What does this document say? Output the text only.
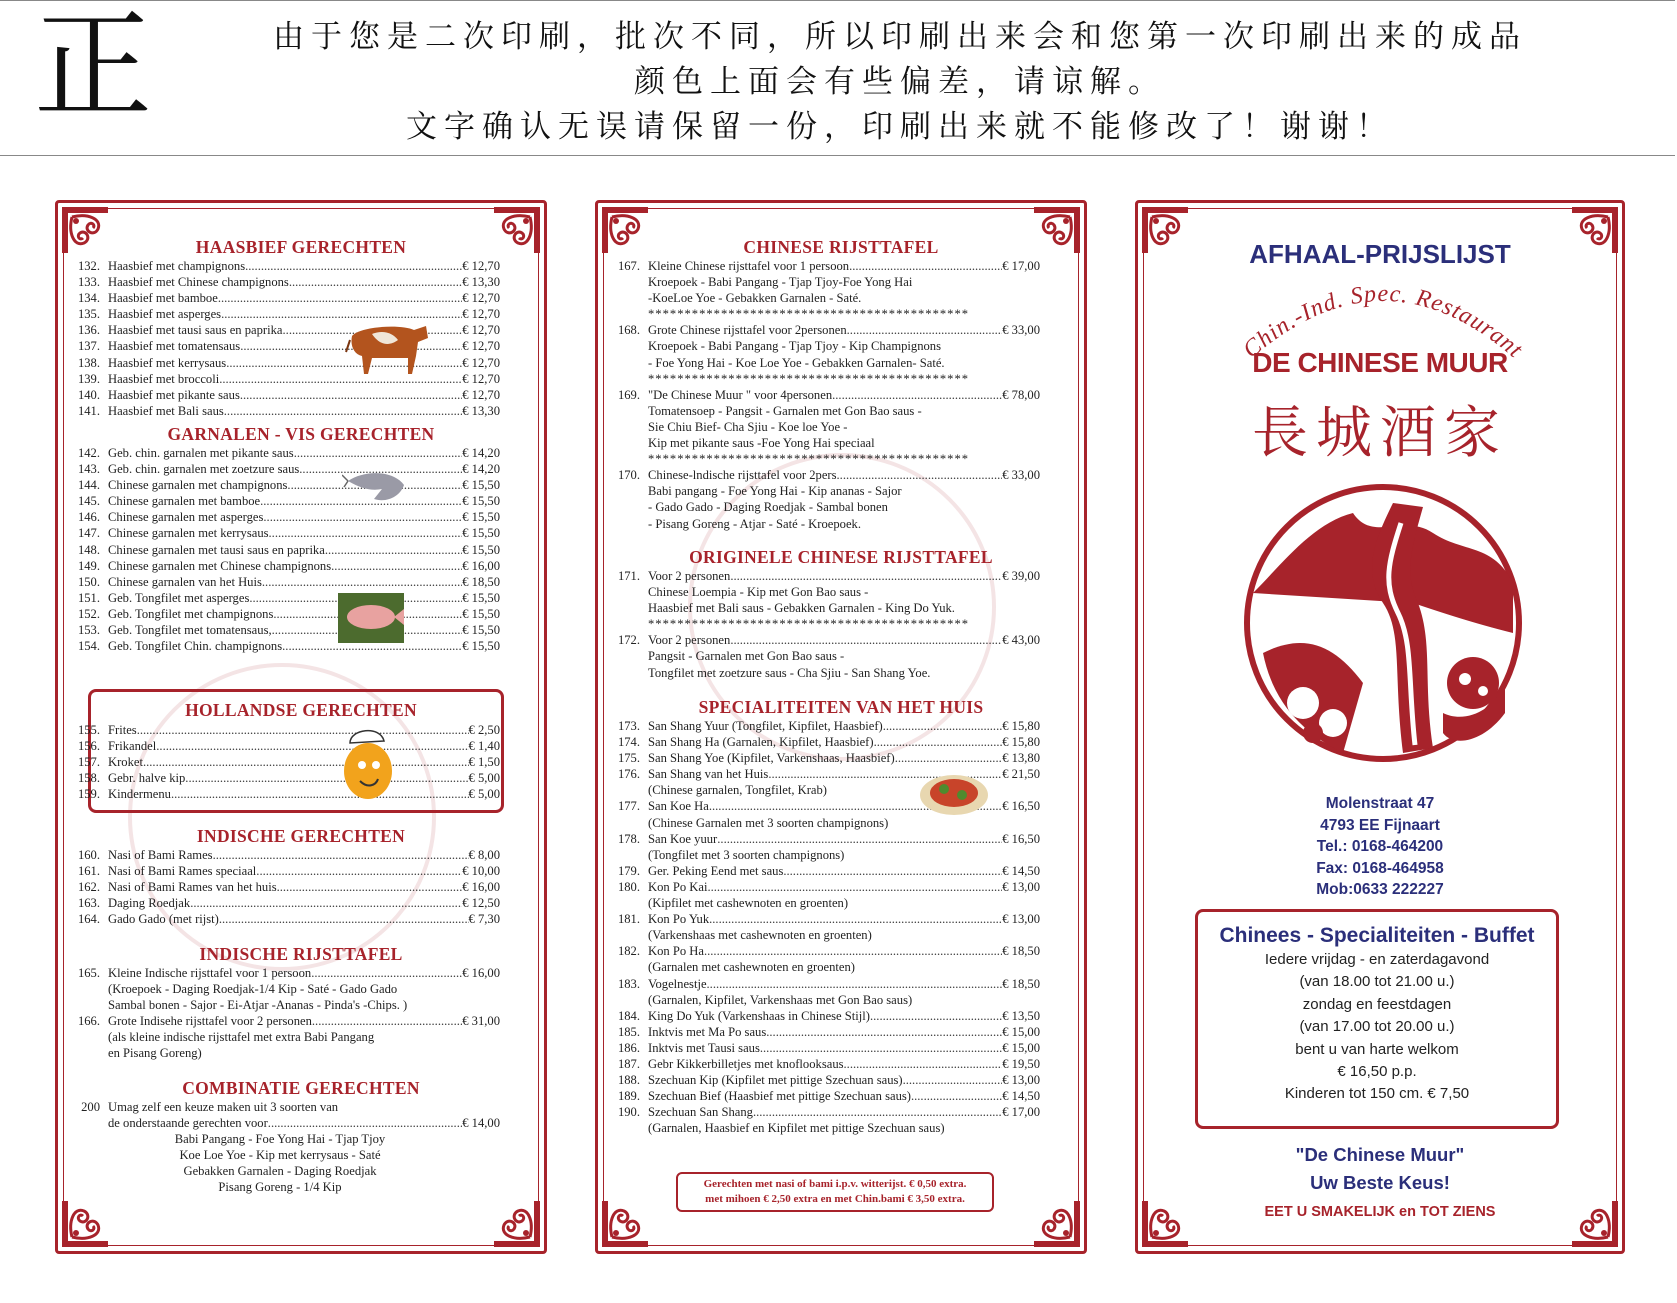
正	由于您是二次印刷，批次不同，所以印刷出来会和您第一次印刷出来的成品
颜色上面会有些偏差，请谅解。
文字确认无误请保留一份，印刷出来就不能修改了！谢谢！
HAASBIEF GERECHTEN
132. Haasbief met champignons .....	€ 12,70
133. Haasbief met Chinese champignons .....	€ 13,30
134. Haasbief met bamboe .....	€ 12,70
135. Haasbief met asperges .....	€ 12,70
136. Haasbief met tausi saus en paprika .....	€ 12,70
137. Haasbief met tomatensaus .....	€ 12,70
138. Haasbief met kerrysaus .....	€ 12,70
139. Haasbief met broccoli .....	€ 12,70
140. Haasbief met pikante saus .....	€ 12,70
141. Haasbief met Bali saus .....	€ 13,30
GARNALEN - VIS GERECHTEN
142. Geb. chin. garnalen met pikante saus .....	€ 14,20
143. Geb. chin. garnalen met zoetzure saus .....	€ 14,20
144. Chinese garnalen met champignons .....	€ 15,50
145. Chinese garnalen met bamboe .....	€ 15,50
146. Chinese garnalen met asperges .....	€ 15,50
147. Chinese garnalen met kerrysaus .....	€ 15,50
148. Chinese garnalen met tausi saus en paprika .....	€ 15,50
149. Chinese garnalen met Chinese champignons .....	€ 16,00
150. Chinese garnalen van het Huis .....	€ 18,50
151. Geb. Tongfilet met asperges .....	€ 15,50
152. Geb. Tongfilet met champignons .....	€ 15,50
153. Geb. Tongfilet met tomatensaus, .....	€ 15,50
154. Geb. Tongfilet Chin. champignons .....	€ 15,50
HOLLANDSE GERECHTEN
155. Frites .....	€ 2,50
156. Frikandel .....	€ 1,40
157. Kroket .....	€ 1,50
158. Gebr. halve kip .....	€ 5,00
159. Kindermenu .....	€ 5,00
INDISCHE GERECHTEN
160. Nasi of Bami Rames .....	€ 8,00
161. Nasi of Bami Rames speciaal .....	€ 10,00
162. Nasi of Bami Rames van het huis .....	€ 16,00
163. Daging Roedjak .....	€ 12,50
164. Gado Gado (met rijst) .....	€ 7,30
INDISCHE RIJSTTAFEL
165. Kleine Indische rijsttafel voor 1 persoon .....	€ 16,00
(Kroepoek - Daging Roedjak-1/4 Kip - Saté - Gado Gado
Sambal bonen - Sajor - Ei-Atjar -Ananas - Pinda's -Chips. )
166. Grote Indisehe rijsttafel voor 2 personen .....	€ 31,00
(als kleine indische rijsttafel met extra Babi Pangang
en Pisang Goreng)
COMBINATIE GERECHTEN
200 Umag zelf een keuze maken uit 3 soorten van
de onderstaande gerechten voor .....	€ 14,00
Babi Pangang - Foe Yong Hai - Tjap Tjoy
Koe Loe Yoe - Kip met kerrysaus - Saté
Gebakken Garnalen - Daging Roedjak
Pisang Goreng - 1/4 Kip
CHINESE RIJSTTAFEL
167. Kleine Chinese rijsttafel voor 1 persoon .....	€ 17,00
Kroepoek - Babi Pangang - Tjap Tjoy-Foe Yong Hai
-KoeLoe Yoe - Gebakken Garnalen - Saté.
********************************************
168. Grote Chinese rijsttafel voor 2personen .....	€ 33,00
Kroepoek - Babi Pangang - Tjap Tjoy - Kip Champignons
- Foe Yong Hai - Koe Loe Yoe - Gebakken Garnalen- Saté.
********************************************
169. "De Chinese Muur " voor 4personen .....	€ 78,00
Tomatensoep - Pangsit - Garnalen met Gon Bao saus -
Sie Chiu Bief- Cha Sjiu - Koe loe Yoe -
Kip met pikante saus -Foe Yong Hai speciaal
********************************************
170. Chinese-lndische rijsttafel voor 2pers .....	€ 33,00
Babi pangang - Foe Yong Hai - Kip ananas - Sajor
- Gado Gado - Daging Roedjak - Sambal bonen
- Pisang Goreng - Atjar - Saté - Kroepoek.
ORIGINELE CHINESE RIJSTTAFEL
171. Voor 2 personen .....	€ 39,00
Chinese Loempia - Kip met Gon Bao saus -
Haasbief met Bali saus - Gebakken Garnalen - King Do Yuk.
********************************************
172. Voor 2 personen .....	€ 43,00
Pangsit - Garnalen met Gon Bao saus -
Tongfilet met zoetzure saus - Cha Sjiu - San Shang Yoe.
SPECIALITEITEN VAN HET HUIS
173. San Shang Yuur (Tongfilet, Kipfilet, Haasbief) .....	€ 15,80
174. San Shang Ha (Garnalen, Kipfilet, Haasbief) .....	€ 15,80
175. San Shang Yoe (Kipfilet, Varkenshaas, Haasbief) .....	€ 13,80
176. San Shang van het Huis .....	€ 21,50
(Chinese garnalen, Tongfilet, Krab)
177. San Koe Ha .....	€ 16,50
(Chinese Garnalen met 3 soorten champignons)
178. San Koe yuur .....	€ 16,50
(Tongfilet met 3 soorten champignons)
179. Ger. Peking Eend met saus .....	€ 14,50
180. Kon Po Kai .....	€ 13,00
(Kipfilet met cashewnoten en groenten)
181. Kon Po Yuk .....	€ 13,00
(Varkenshaas met cashewnoten en groenten)
182. Kon Po Ha .....	€ 18,50
(Garnalen met cashewnoten en groenten)
183. Vogelnestje .....	€ 18,50
(Garnalen, Kipfilet, Varkenshaas met Gon Bao saus)
184. King Do Yuk (Varkenshaas in Chinese Stijl) .....	€ 13,50
185. Inktvis met Ma Po saus .....	€ 15,00
186. Inktvis met Tausi saus .....	€ 15,00
187. Gebr Kikkerbilletjes met knoflooksaus .....	€ 19,50
188. Szechuan Kip (Kipfilet met pittige Szechuan saus) .....	€ 13,00
189. Szechuan Bief (Haasbief met pittige Szechuan saus) .....	€ 14,50
190. Szechuan San Shang .....	€ 17,00
(Garnalen, Haasbief en Kipfilet met pittige Szechuan saus)
Gerechten met nasi of bami i.p.v. witterijst. € 0,50 extra.
met mihoen € 2,50 extra en met Chin.bami € 3,50 extra.
AFHAAL-PRIJSLIJST
Chin.-Ind. Spec. Restaurant
DE CHINESE MUUR
長城酒家
Molenstraat 47
4793 EE Fijnaart
Tel.: 0168-464200
Fax: 0168-464958
Mob:0633 222227
Chinees - Specialiteiten - Buffet
Iedere vrijdag - en zaterdagavond
(van 18.00 tot 21.00 u.)
zondag en feestdagen
(van 17.00 tot 20.00 u.)
bent u van harte welkom
€ 16,50 p.p.
Kinderen tot 150 cm. € 7,50
"De Chinese Muur"
Uw Beste Keus!
EET U SMAKELIJK en TOT ZIENS
